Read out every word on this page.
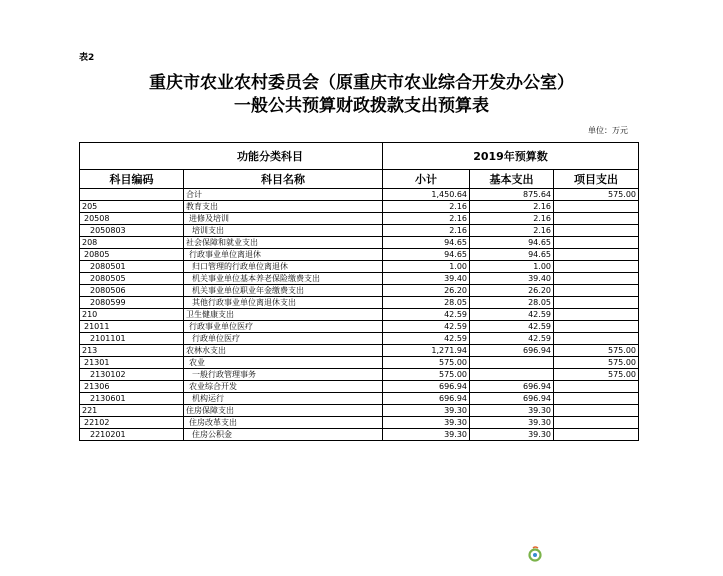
表2
重庆市农业农村委员会（原重庆市农业综合开发办公室）
一般公共预算财政拨款支出预算表
单位：万元
功能分类科目		2019年预算数		
科目编码	科目名称	小计	基本支出	项目支出
	合计	1,450.64	875.64	575.00
205	教育支出	2.16	2.16	
20508	进修及培训	2.16	2.16	
2050803	培训支出	2.16	2.16	
208	社会保障和就业支出	94.65	94.65	
20805	行政事业单位离退休	94.65	94.65	
2080501	归口管理的行政单位离退休	1.00	1.00	
2080505	机关事业单位基本养老保险缴费支出	39.40	39.40	
2080506	机关事业单位职业年金缴费支出	26.20	26.20	
2080599	其他行政事业单位离退休支出	28.05	28.05	
210	卫生健康支出	42.59	42.59	
21011	行政事业单位医疗	42.59	42.59	
2101101	行政单位医疗	42.59	42.59	
213	农林水支出	1,271.94	696.94	575.00
21301	农业	575.00		575.00
2130102	一般行政管理事务	575.00		575.00
21306	农业综合开发	696.94	696.94	
2130601	机构运行	696.94	696.94	
221	住房保障支出	39.30	39.30	
22102	住房改革支出	39.30	39.30	
2210201	住房公积金	39.30	39.30	
